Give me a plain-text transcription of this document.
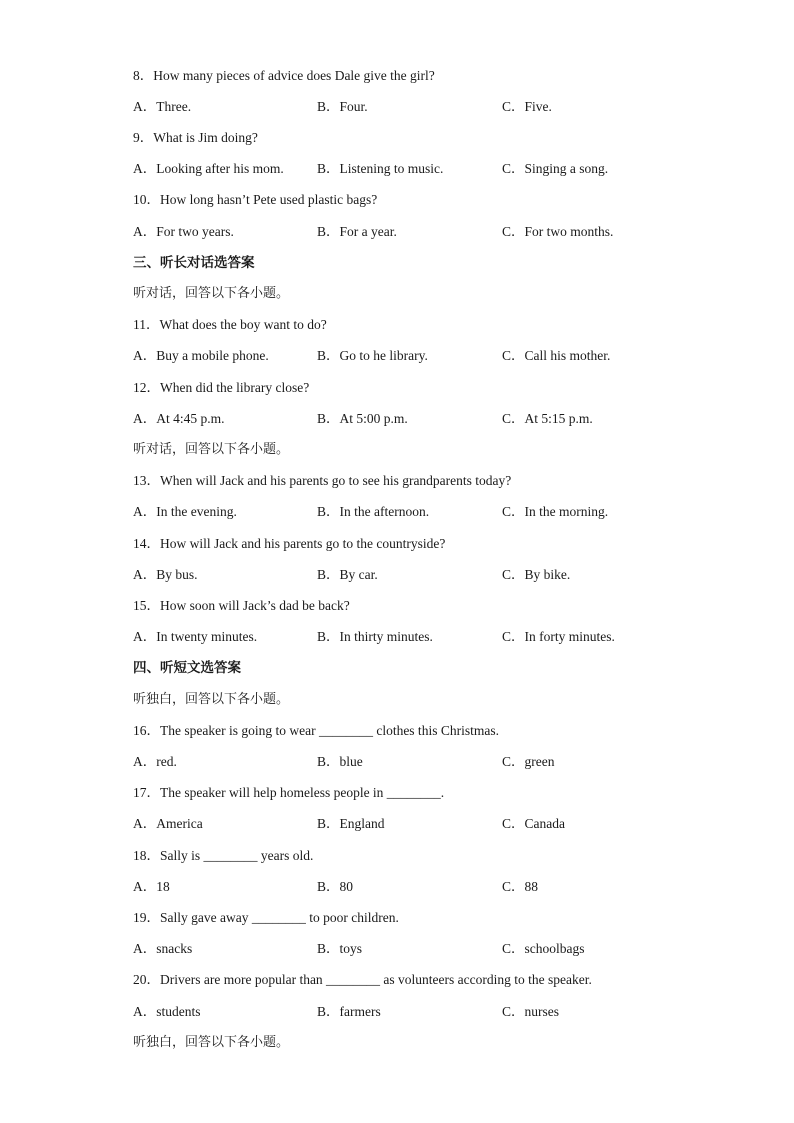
8．How many pieces of advice does Dale give the girl?
A．Three.	B．Four.	C．Five.
9．What is Jim doing?
A．Looking after his mom. B．Listening to music.	C．Singing a song.
10．How long hasn’t Pete used plastic bags?
A．For two years.	B．For a year.	C．For two months.
三、听长对话选答案
听对话，回答以下各小题。
11．What does the boy want to do?
A．Buy a mobile phone.	B．Go to he library.	C．Call his mother.
12．When did the library close?
A．At 4:45 p.m.	B．At 5:00 p.m.	C．At 5:15 p.m.
听对话，回答以下各小题。
13．When will Jack and his parents go to see his grandparents today?
A．In the evening.	B．In the afternoon.	C．In the morning.
14．How will Jack and his parents go to the countryside?
A．By bus.	B．By car.	C．By bike.
15．How soon will Jack’s dad be back?
A．In twenty minutes.	B．In thirty minutes.	C．In forty minutes.
四、听短文选答案
听独白，回答以下各小题。
16．The speaker is going to wear ________ clothes this Christmas.
A．red.	B．blue	C．green
17．The speaker will help homeless people in ________.
A．America	B．England	C．Canada
18．Sally is ________ years old.
A．18	B．80	C．88
19．Sally gave away ________ to poor children.
A．snacks	B．toys	C．schoolbags
20．Drivers are more popular than ________ as volunteers according to the speaker.
A．students	B．farmers	C．nurses
听独白，回答以下各小题。
